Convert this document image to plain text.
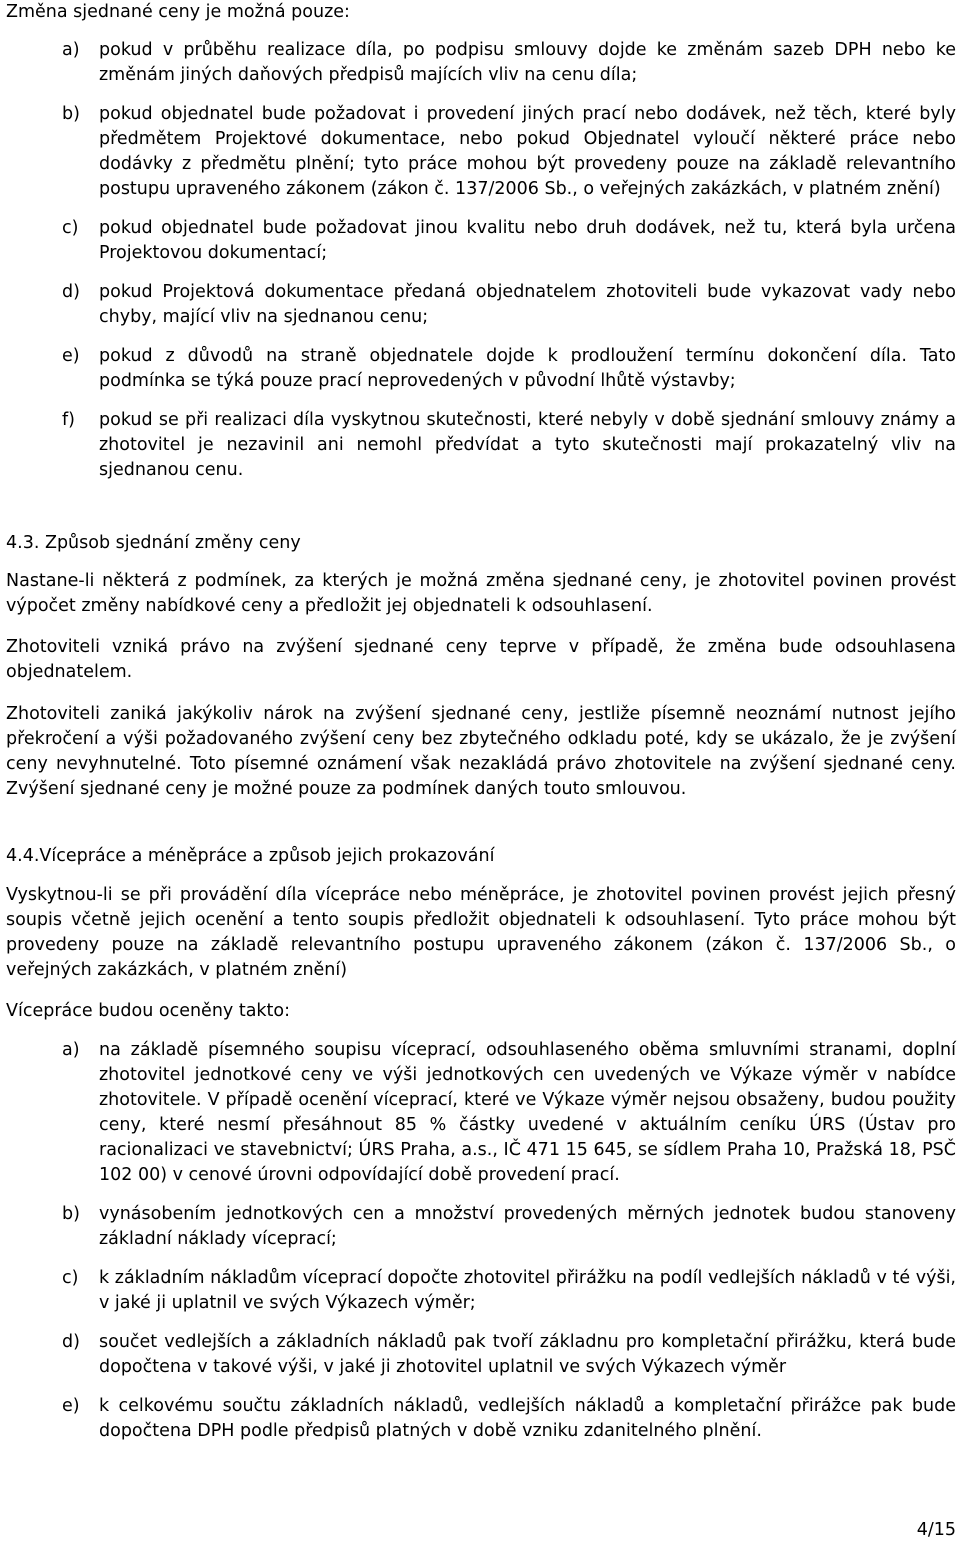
Změna sjednané ceny je možná pouze:

a) pokud v průběhu realizace díla, po podpisu smlouvy dojde ke změnám sazeb DPH nebo ke změnám jiných daňových předpisů majících vliv na cenu díla;

b) pokud objednatel bude požadovat i provedení jiných prací nebo dodávek, než těch, které byly předmětem Projektové dokumentace, nebo pokud Objednatel vyloučí některé práce nebo dodávky z předmětu plnění; tyto práce mohou být provedeny pouze na základě relevantního postupu upraveného zákonem (zákon č. 137/2006 Sb., o veřejných zakázkách, v platném znění)

c) pokud objednatel bude požadovat jinou kvalitu nebo druh dodávek, než tu, která byla určena Projektovou dokumentací;

d) pokud Projektová dokumentace předaná objednatelem zhotoviteli bude vykazovat vady nebo chyby, mající vliv na sjednanou cenu;

e) pokud z důvodů na straně objednatele dojde k prodloužení termínu dokončení díla. Tato podmínka se týká pouze prací neprovedených v původní lhůtě výstavby;

f) pokud se při realizaci díla vyskytnou skutečnosti, které nebyly v době sjednání smlouvy známy a zhotovitel je nezavinil ani nemohl předvídat a tyto skutečnosti mají prokazatelný vliv na sjednanou cenu.

4.3. Způsob sjednání změny ceny

Nastane-li některá z podmínek, za kterých je možná změna sjednané ceny, je zhotovitel povinen provést výpočet změny nabídkové ceny a předložit jej objednateli k odsouhlasení.

Zhotoviteli vzniká právo na zvýšení sjednané ceny teprve v případě, že změna bude odsouhlasena objednatelem.

Zhotoviteli zaniká jakýkoliv nárok na zvýšení sjednané ceny, jestliže písemně neoznámí nutnost jejího překročení a výši požadovaného zvýšení ceny bez zbytečného odkladu poté, kdy se ukázalo, že je zvýšení ceny nevyhnutelné. Toto písemné oznámení však nezakládá právo zhotovitele na zvýšení sjednané ceny. Zvýšení sjednané ceny je možné pouze za podmínek daných touto smlouvou.

4.4.Vícepráce a méněpráce a způsob jejich prokazování

Vyskytnou-li se při provádění díla vícepráce nebo méněpráce, je zhotovitel povinen provést jejich přesný soupis včetně jejich ocenění a tento soupis předložit objednateli k odsouhlasení. Tyto práce mohou být provedeny pouze na základě relevantního postupu upraveného zákonem (zákon č. 137/2006 Sb., o veřejných zakázkách, v platném znění)

Vícepráce budou oceněny takto:

a) na základě písemného soupisu víceprací, odsouhlaseného oběma smluvními stranami, doplní zhotovitel jednotkové ceny ve výši jednotkových cen uvedených ve Výkaze výměr v nabídce zhotovitele. V případě ocenění víceprací, které ve Výkaze výměr nejsou obsaženy, budou použity ceny, které nesmí přesáhnout 85 % částky uvedené v aktuálním ceníku ÚRS (Ústav pro racionalizaci ve stavebnictví; ÚRS Praha, a.s., IČ 471 15 645, se sídlem Praha 10, Pražská 18, PSČ 102 00) v cenové úrovni odpovídající době provedení prací.

b) vynásobením jednotkových cen a množství provedených měrných jednotek budou stanoveny základní náklady víceprací;

c) k základním nákladům víceprací dopočte zhotovitel přirážku na podíl vedlejších nákladů v té výši, v jaké ji uplatnil ve svých Výkazech výměr;

d) součet vedlejších a základních nákladů pak tvoří základnu pro kompletační přirážku, která bude dopočtena v takové výši, v jaké ji zhotovitel uplatnil ve svých Výkazech výměr

e) k celkovému součtu základních nákladů, vedlejších nákladů a kompletační přirážce pak bude dopočtena DPH podle předpisů platných v době vzniku zdanitelného plnění.

4/15
